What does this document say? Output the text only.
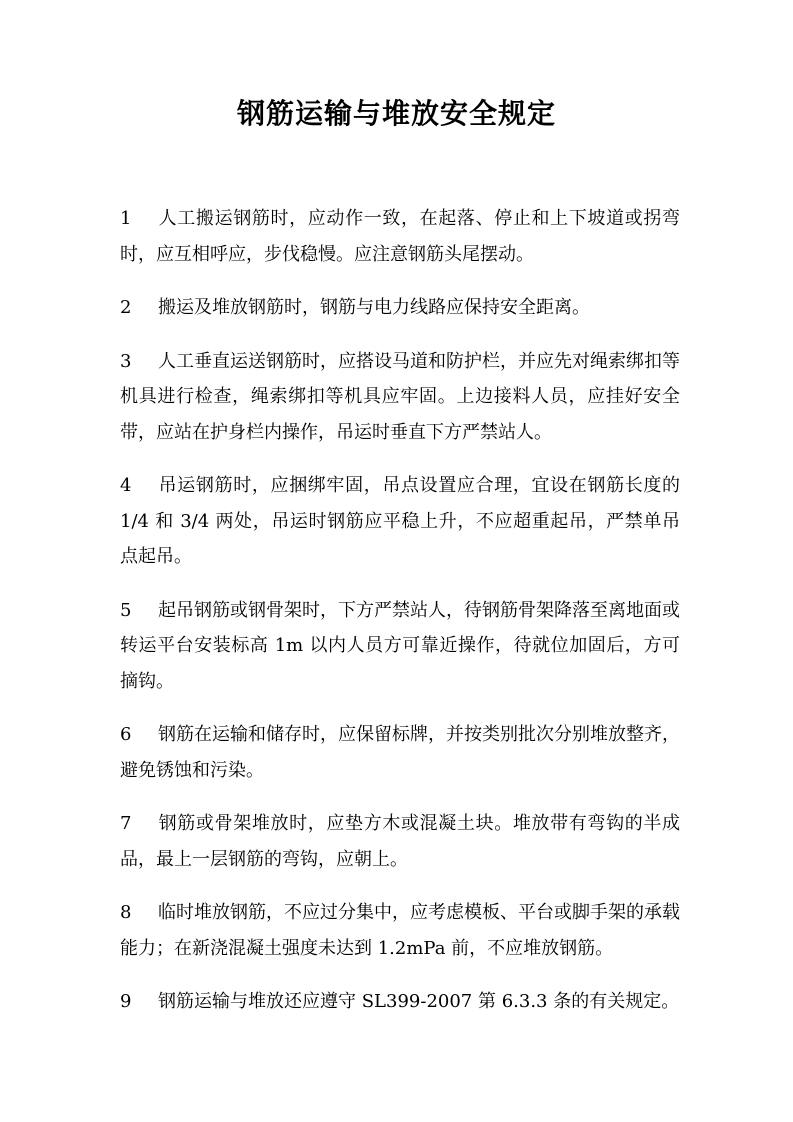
钢筋运输与堆放安全规定

1 人工搬运钢筋时，应动作一致，在起落、停止和上下坡道或拐弯时，应互相呼应，步伐稳慢。应注意钢筋头尾摆动。

2 搬运及堆放钢筋时，钢筋与电力线路应保持安全距离。

3 人工垂直运送钢筋时，应搭设马道和防护栏，并应先对绳索绑扣等机具进行检查，绳索绑扣等机具应牢固。上边接料人员，应挂好安全带，应站在护身栏内操作，吊运时垂直下方严禁站人。

4 吊运钢筋时，应捆绑牢固，吊点设置应合理，宜设在钢筋长度的 1/4 和 3/4 两处，吊运时钢筋应平稳上升，不应超重起吊，严禁单吊点起吊。

5 起吊钢筋或钢骨架时，下方严禁站人，待钢筋骨架降落至离地面或转运平台安装标高 1m 以内人员方可靠近操作，待就位加固后，方可摘钩。

6 钢筋在运输和储存时，应保留标牌，并按类别批次分别堆放整齐，避免锈蚀和污染。

7 钢筋或骨架堆放时，应垫方木或混凝土块。堆放带有弯钩的半成品，最上一层钢筋的弯钩，应朝上。

8 临时堆放钢筋，不应过分集中，应考虑模板、平台或脚手架的承载能力；在新浇混凝土强度未达到 1.2mPa 前，不应堆放钢筋。

9 钢筋运输与堆放还应遵守 SL399-2007 第 6.3.3 条的有关规定。
